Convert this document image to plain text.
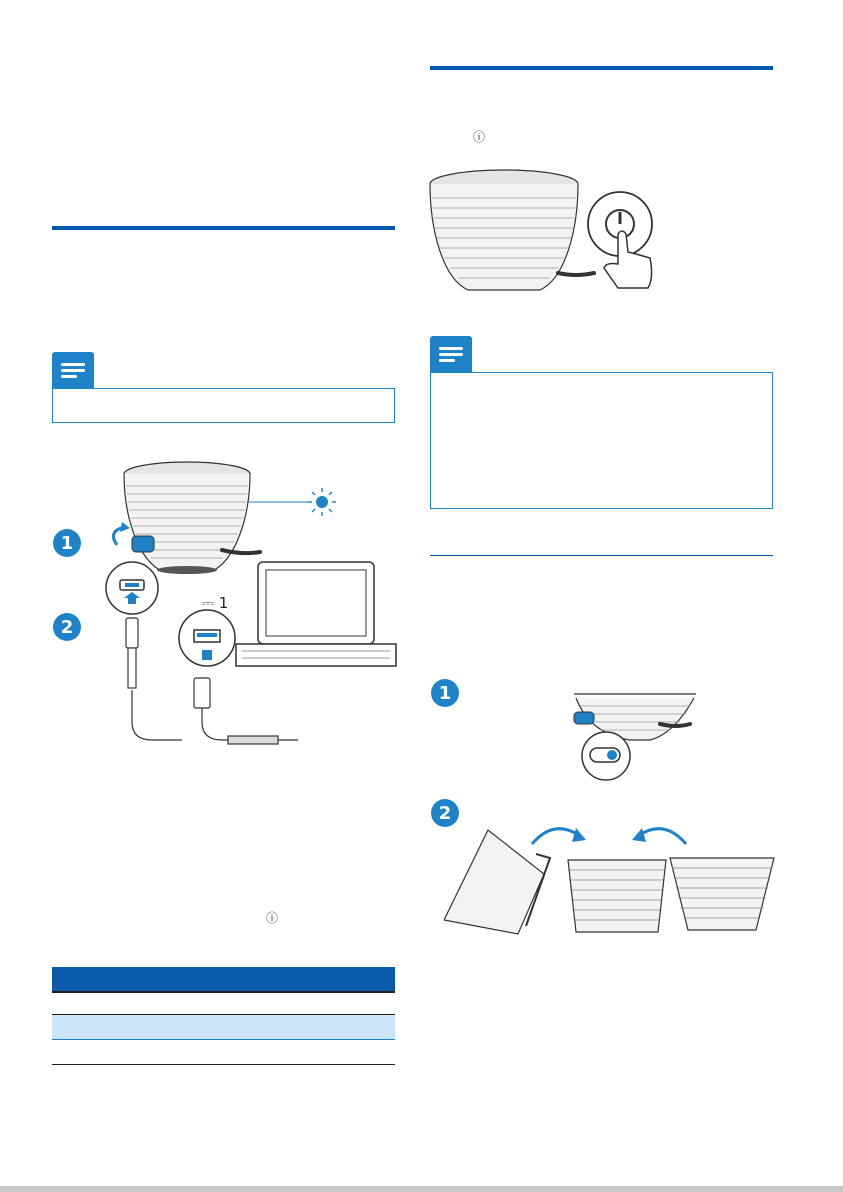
1
2
⎓ 1
ⓘ
ⓘ
1
2
